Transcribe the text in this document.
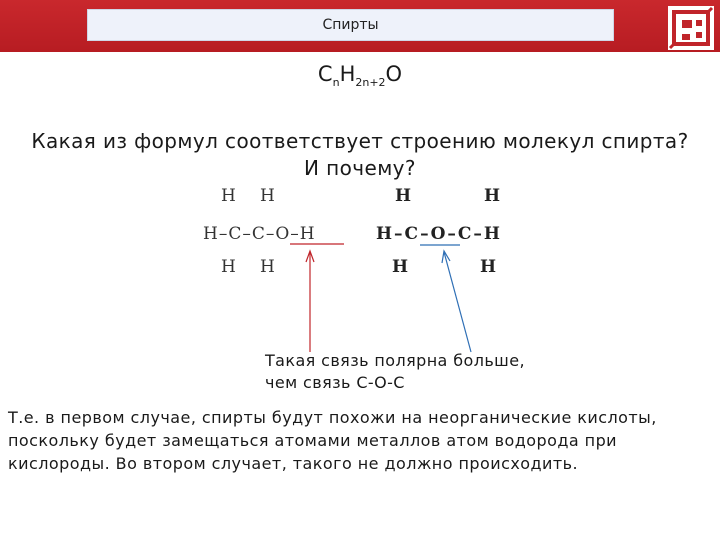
Спирты
$C_nH_{2n+2}O$
Какая из формул соответствует строению молекул спирта?
И почему?
H H
H–C–C–O–H
H H
H	H
H–C–O–C–H
H	H
Такая связь полярна больше, чем связь С-О-С
Т.е. в первом случае, спирты будут похожи на неорганические кислоты, поскольку будет замещаться атомами металлов атом водорода при кислороды. Во втором случает, такого не должно происходить.
